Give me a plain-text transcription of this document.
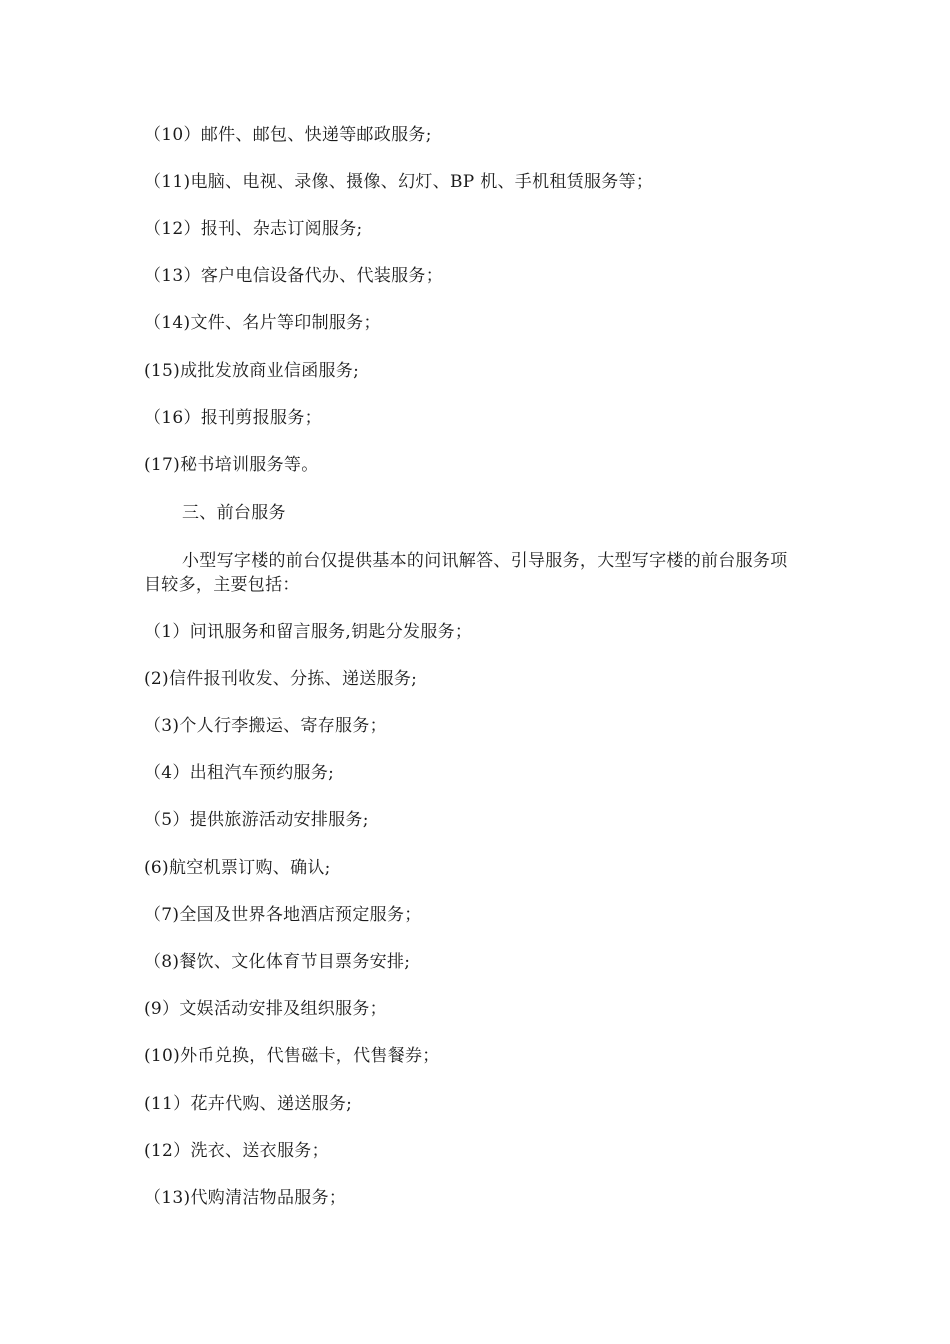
（10）邮件、邮包、快递等邮政服务;
（11)电脑、电视、录像、摄像、幻灯、BP 机、手机租赁服务等；
（12）报刊、杂志订阅服务;
（13）客户电信设备代办、代装服务；
（14)文件、名片等印制服务；
(15)成批发放商业信函服务;
（16）报刊剪报服务；
(17)秘书培训服务等。
三、前台服务
小型写字楼的前台仅提供基本的问讯解答、引导服务，大型写字楼的前台服务项目较多，主要包括：
（1）问讯服务和留言服务,钥匙分发服务；
(2)信件报刊收发、分拣、递送服务;
（3)个人行李搬运、寄存服务；
（4）出租汽车预约服务;
（5）提供旅游活动安排服务;
(6)航空机票订购、确认;
（7)全国及世界各地酒店预定服务；
（8)餐饮、文化体育节目票务安排;
(9）文娱活动安排及组织服务；
(10)外币兑换，代售磁卡，代售餐券；
(11）花卉代购、递送服务;
(12）洗衣、送衣服务；
（13)代购清洁物品服务；
